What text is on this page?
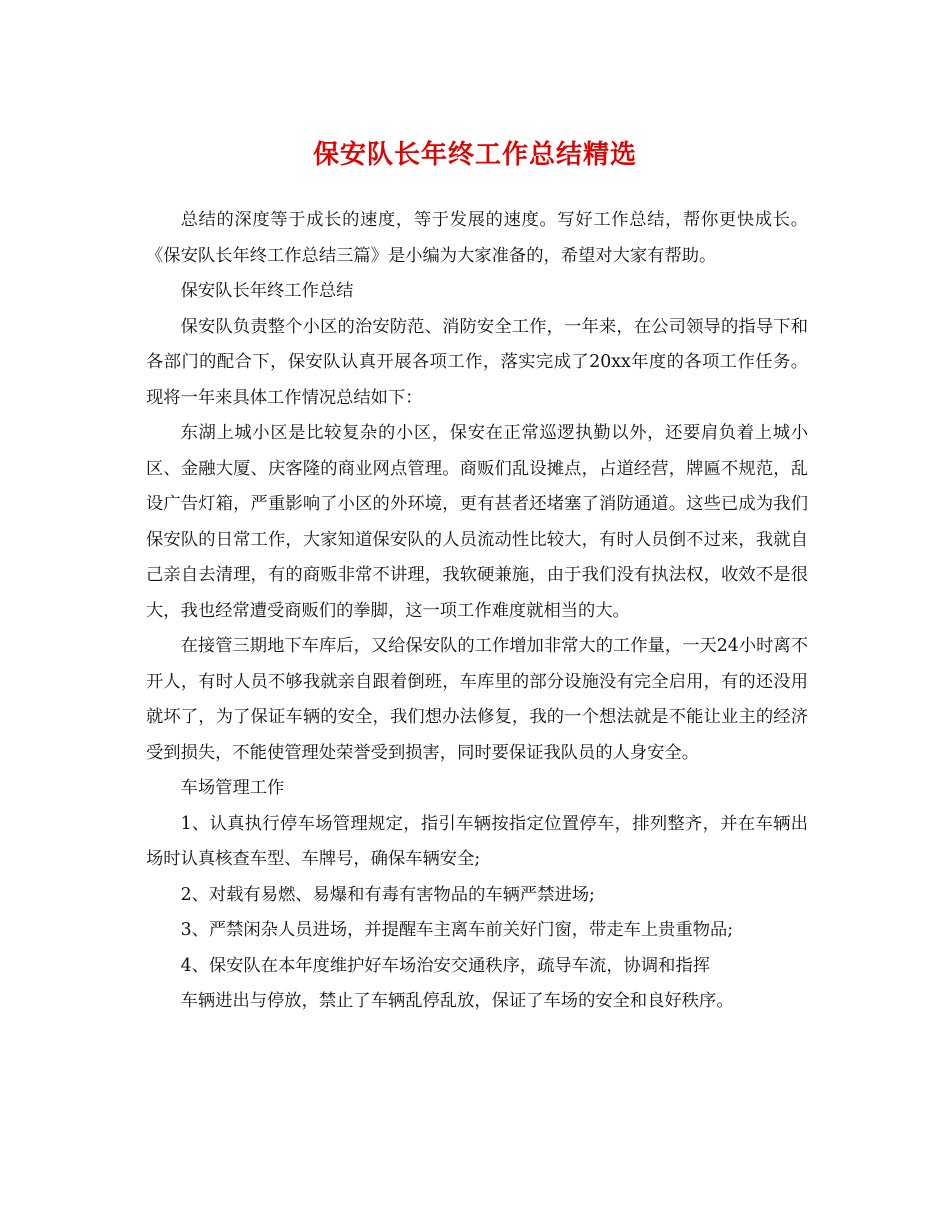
保安队长年终工作总结精选

总结的深度等于成长的速度，等于发展的速度。写好工作总结，帮你更快成长。《保安队长年终工作总结三篇》是小编为大家准备的，希望对大家有帮助。

保安队长年终工作总结

保安队负责整个小区的治安防范、消防安全工作，一年来，在公司领导的指导下和各部门的配合下，保安队认真开展各项工作，落实完成了20xx年度的各项工作任务。现将一年来具体工作情况总结如下：

东湖上城小区是比较复杂的小区，保安在正常巡逻执勤以外，还要肩负着上城小区、金融大厦、庆客隆的商业网点管理。商贩们乱设摊点，占道经营，牌匾不规范，乱设广告灯箱，严重影响了小区的外环境，更有甚者还堵塞了消防通道。这些已成为我们保安队的日常工作，大家知道保安队的人员流动性比较大，有时人员倒不过来，我就自己亲自去清理，有的商贩非常不讲理，我软硬兼施，由于我们没有执法权，收效不是很大，我也经常遭受商贩们的拳脚，这一项工作难度就相当的大。

在接管三期地下车库后，又给保安队的工作增加非常大的工作量，一天24小时离不开人，有时人员不够我就亲自跟着倒班，车库里的部分设施没有完全启用，有的还没用就坏了，为了保证车辆的安全，我们想办法修复，我的一个想法就是不能让业主的经济受到损失，不能使管理处荣誉受到损害，同时要保证我队员的人身安全。

车场管理工作

1、认真执行停车场管理规定，指引车辆按指定位置停车，排列整齐，并在车辆出场时认真核查车型、车牌号，确保车辆安全;

2、对载有易燃、易爆和有毒有害物品的车辆严禁进场;

3、严禁闲杂人员进场，并提醒车主离车前关好门窗，带走车上贵重物品;

4、保安队在本年度维护好车场治安交通秩序，疏导车流，协调和指挥

车辆进出与停放，禁止了车辆乱停乱放，保证了车场的安全和良好秩序。
